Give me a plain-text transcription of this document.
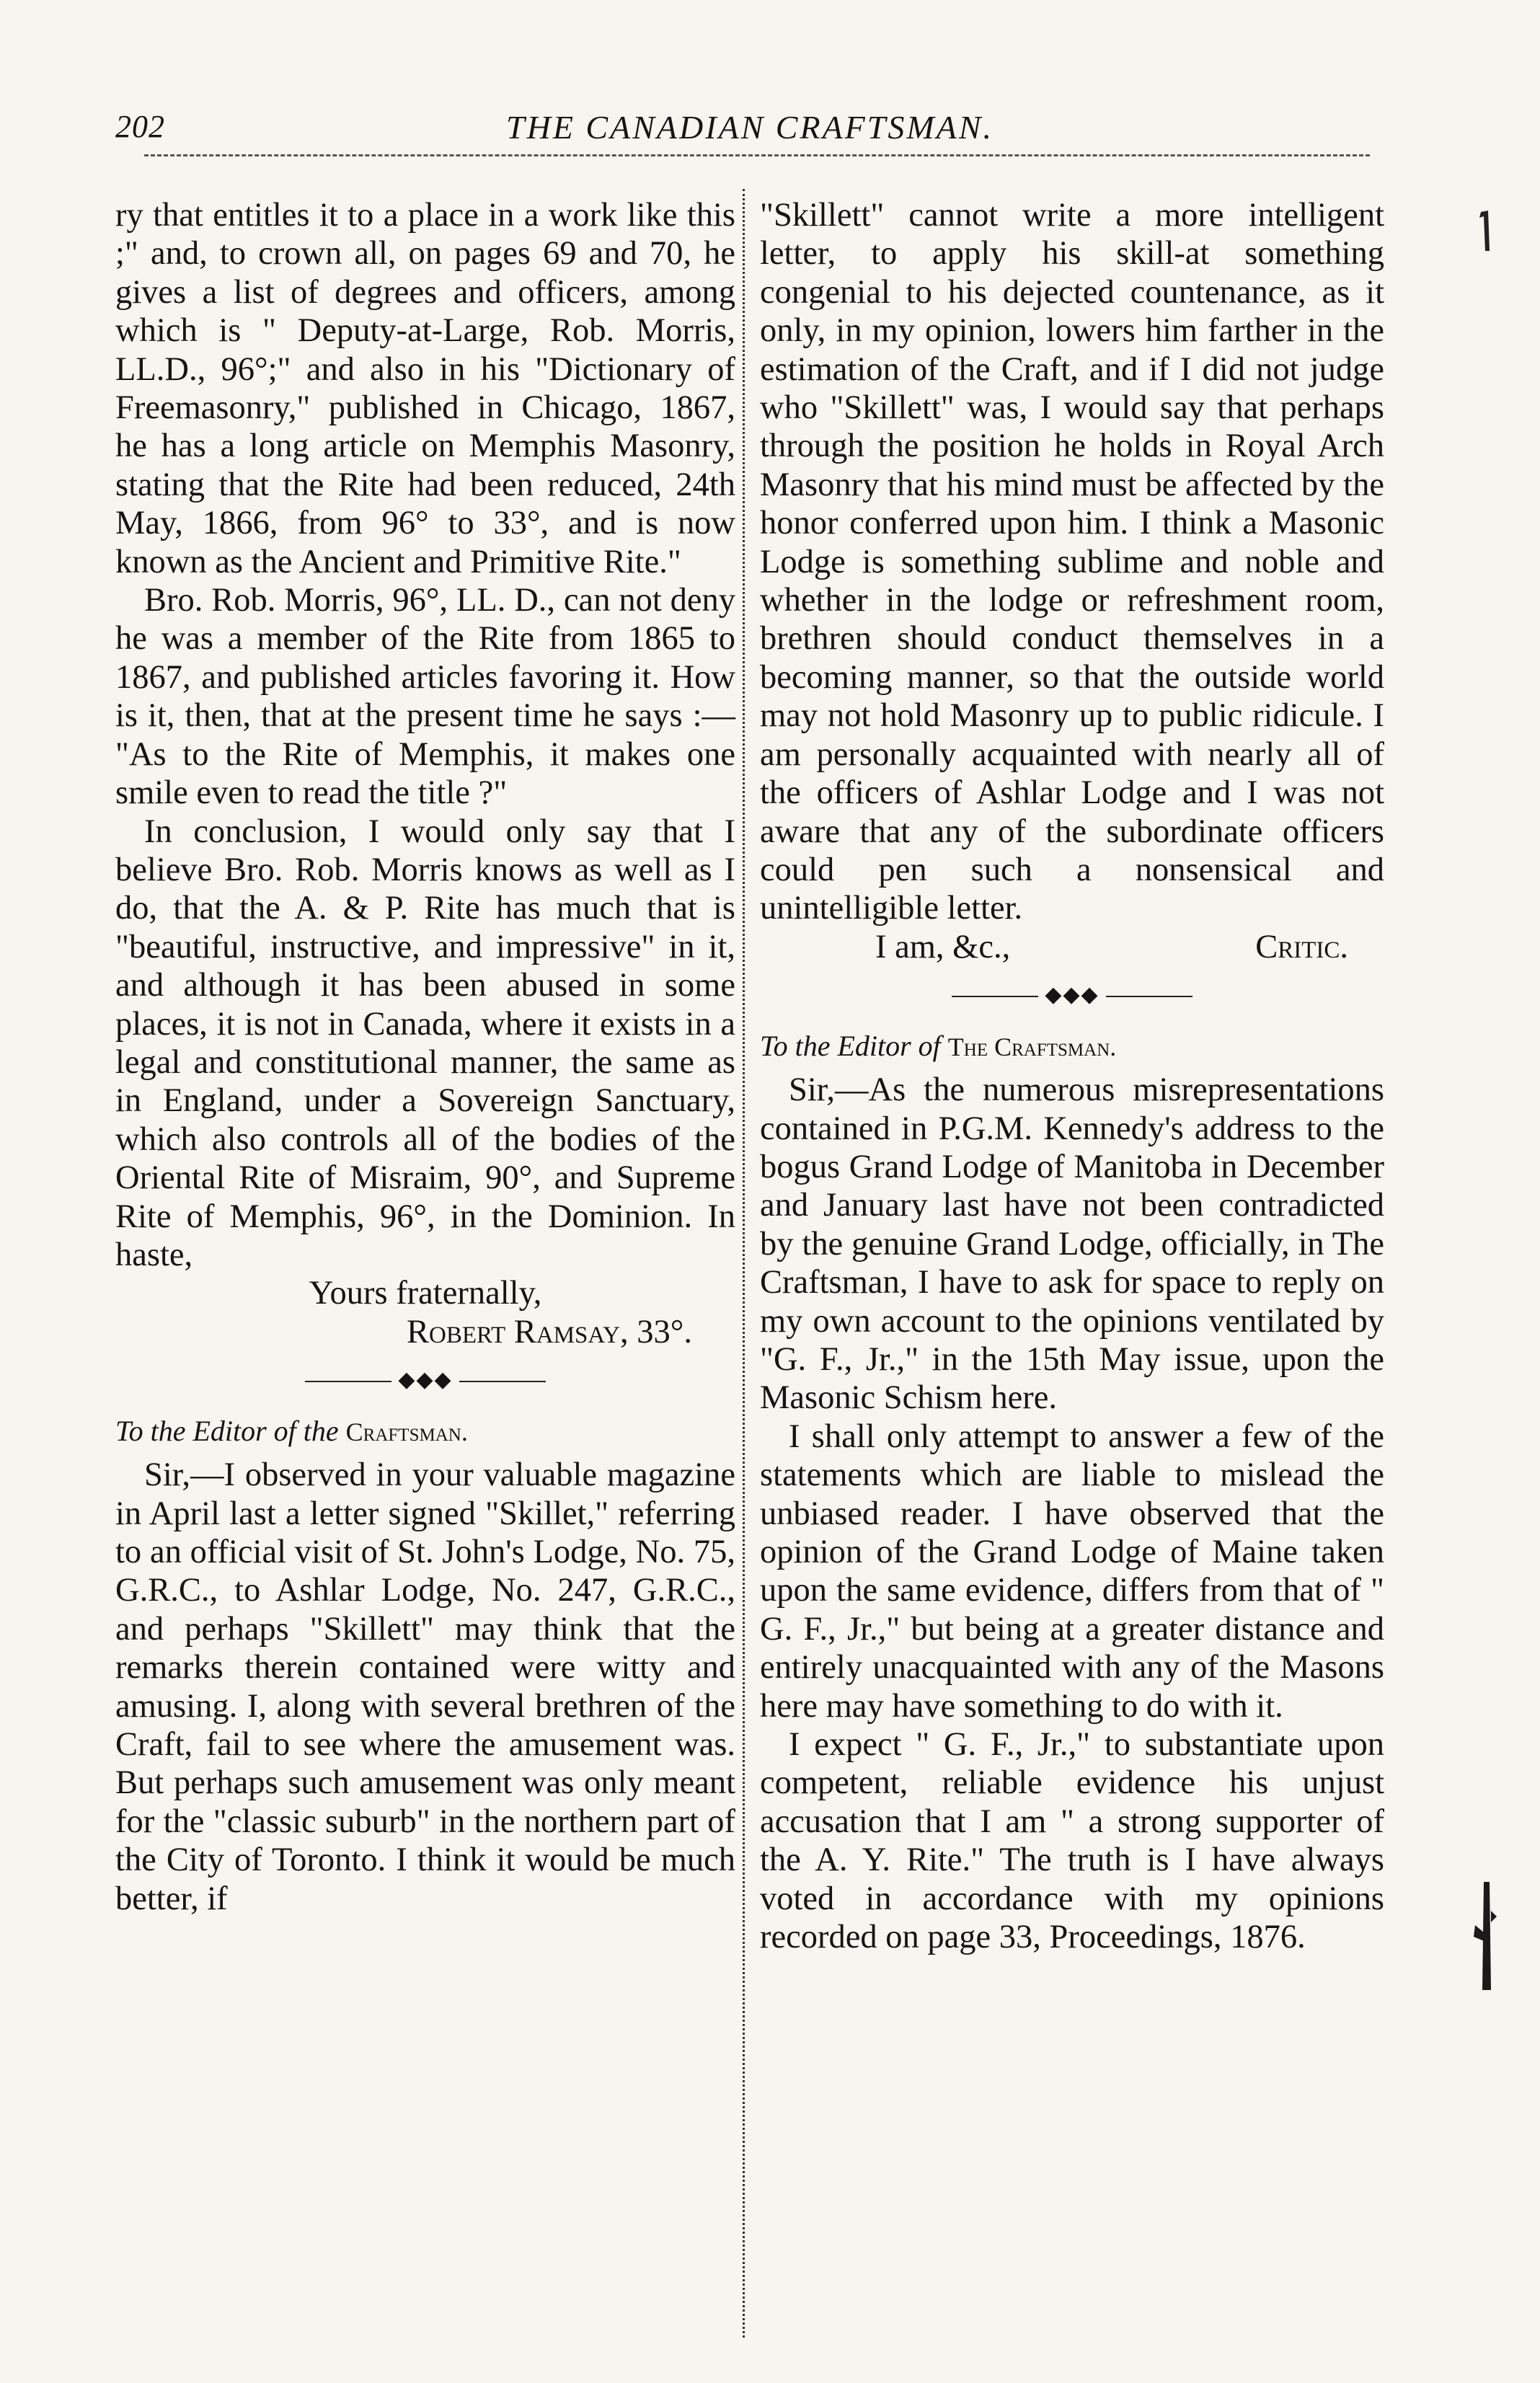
202	THE CANADIAN CRAFTSMAN.

ry that entitles it to a place in a work like this ;" and, to crown all, on pages 69 and 70, he gives a list of degrees and officers, among which is " Deputy-at-Large, Rob. Morris, LL.D., 96°;" and also in his "Dictionary of Freemasonry," published in Chicago, 1867, he has a long article on Memphis Masonry, stating that the Rite had been reduced, 24th May, 1866, from 96° to 33°, and is now known as the Ancient and Primitive Rite."

Bro. Rob. Morris, 96°, LL. D., can not deny he was a member of the Rite from 1865 to 1867, and published articles favoring it. How is it, then, that at the present time he says :— "As to the Rite of Memphis, it makes one smile even to read the title ?"

In conclusion, I would only say that I believe Bro. Rob. Morris knows as well as I do, that the A. & P. Rite has much that is "beautiful, instructive, and impressive" in it, and although it has been abused in some places, it is not in Canada, where it exists in a legal and constitutional manner, the same as in England, under a Sovereign Sanctuary, which also controls all of the bodies of the Oriental Rite of Misraim, 90°, and Supreme Rite of Memphis, 96°, in the Dominion. In haste,

Yours fraternally,

Robert Ramsay, 33°.

◆◆◆

To the Editor of the Craftsman.

Sir,—I observed in your valuable magazine in April last a letter signed "Skillet," referring to an official visit of St. John's Lodge, No. 75, G.R.C., to Ashlar Lodge, No. 247, G.R.C., and perhaps "Skillett" may think that the remarks therein contained were witty and amusing. I, along with several brethren of the Craft, fail to see where the amusement was. But perhaps such amusement was only meant for the "classic suburb" in the northern part of the City of Toronto. I think it would be much better, if

"Skillett" cannot write a more intelligent letter, to apply his skill-at something congenial to his dejected countenance, as it only, in my opinion, lowers him farther in the estimation of the Craft, and if I did not judge who "Skillett" was, I would say that perhaps through the position he holds in Royal Arch Masonry that his mind must be affected by the honor conferred upon him. I think a Masonic Lodge is something sublime and noble and whether in the lodge or refreshment room, brethren should conduct themselves in a becoming manner, so that the outside world may not hold Masonry up to public ridicule. I am personally acquainted with nearly all of the officers of Ashlar Lodge and I was not aware that any of the subordinate officers could pen such a nonsensical and unintelligible letter.

I am, &c.,	Critic.
◆◆◆

To the Editor of The Craftsman.

Sir,—As the numerous misrepresentations contained in P.G.M. Kennedy's address to the bogus Grand Lodge of Manitoba in December and January last have not been contradicted by the genuine Grand Lodge, officially, in The Craftsman, I have to ask for space to reply on my own account to the opinions ventilated by "G. F., Jr.," in the 15th May issue, upon the Masonic Schism here.

I shall only attempt to answer a few of the statements which are liable to mislead the unbiased reader. I have observed that the opinion of the Grand Lodge of Maine taken upon the same evidence, differs from that of " G. F., Jr.," but being at a greater distance and entirely unacquainted with any of the Masons here may have something to do with it.

I expect " G. F., Jr.," to substantiate upon competent, reliable evidence his unjust accusation that I am " a strong supporter of the A. Y. Rite." The truth is I have always voted in accordance with my opinions recorded on page 33, Proceedings, 1876.
